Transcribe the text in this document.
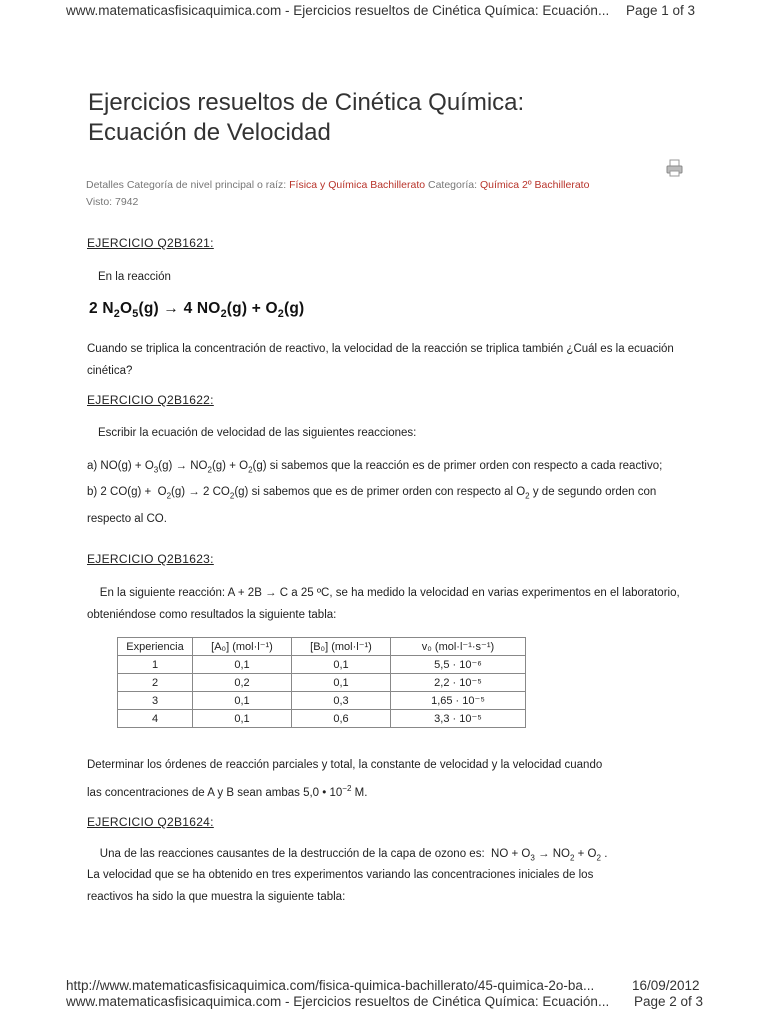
www.matematicasfisicaquimica.com - Ejercicios resueltos de Cinética Química: Ecuación... Page 1 of 3
Ejercicios resueltos de Cinética Química:
Ecuación de Velocidad
Detalles Categoría de nivel principal o raíz: Física y Química Bachillerato Categoría: Química 2º Bachillerato
Visto: 7942
EJERCICIO Q2B1621:
En la reacción
2 $N_2O_5(g) \to 4$ $NO_2(g) + O_2(g)$
Cuando se triplica la concentración de reactivo, la velocidad de la reacción se triplica también ¿Cuál es la ecuación cinética?
EJERCICIO Q2B1622:
Escribir la ecuación de velocidad de las siguientes reacciones:
a) $NO(g) + O_3(g) \to NO_2(g) + O_2(g)$ si sabemos que la reacción es de primer orden con respecto a cada reactivo;
b) 2 $CO(g) + O_2(g) \to 2$ $CO_2(g)$ si sabemos que es de primer orden con respecto al $O_2$ y de segundo orden con respecto al CO.
EJERCICIO Q2B1623:
En la siguiente reacción: A + 2B → C a 25 ºC, se ha medido la velocidad en varias experimentos en el laboratorio, obteniéndose como resultados la siguiente tabla:
Experiencia	[A₀] (mol·l⁻¹)	[B₀] (mol·l⁻¹)	v₀ (mol·l⁻¹·s⁻¹)
1	0,1	0,1	5,5 · 10⁻⁶
2	0,2	0,1	2,2 · 10⁻⁵
3	0,1	0,3	1,65 · 10⁻⁵
4	0,1	0,6	3,3 · 10⁻⁵
Determinar los órdenes de reacción parciales y total, la constante de velocidad y la velocidad cuando
las concentraciones de A y B sean ambas 5,0 • $10^{-2}$ M.
EJERCICIO Q2B1624:
Una de las reacciones causantes de la destrucción de la capa de ozono es:  NO + $O_3 \to NO_2 + O_2$ .
La velocidad que se ha obtenido en tres experimentos variando las concentraciones iniciales de los
reactivos ha sido la que muestra la siguiente tabla:
http://www.matematicasfisicaquimica.com/fisica-quimica-bachillerato/45-quimica-2o-ba...	16/09/2012
www.matematicasfisicaquimica.com - Ejercicios resueltos de Cinética Química: Ecuación... Page 2 of 3
